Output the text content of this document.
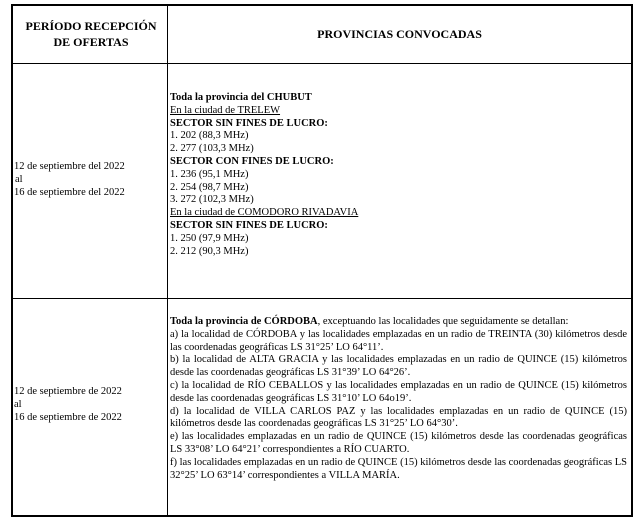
PERÍODO RECEPCIÓN DE OFERTAS
PROVINCIAS CONVOCADAS
12 de septiembre del 2022
al
16 de septiembre del 2022
Toda la provincia del CHUBUT
En la ciudad de TRELEW
SECTOR SIN FINES DE LUCRO:
1. 202 (88,3 MHz)
2. 277 (103,3 MHz)
SECTOR CON FINES DE LUCRO:
1. 236 (95,1 MHz)
2. 254 (98,7 MHz)
3. 272 (102,3 MHz)
En la ciudad de COMODORO RIVADAVIA
SECTOR SIN FINES DE LUCRO:
1. 250 (97,9 MHz)
2. 212 (90,3 MHz)
12 de septiembre de 2022
al
16 de septiembre de 2022
Toda la provincia de CÓRDOBA, exceptuando las localidades que seguidamente se detallan:
a) la localidad de CÓRDOBA y las localidades emplazadas en un radio de TREINTA (30) kilómetros desde las coordenadas geográficas LS 31°25’ LO 64°11’.
b) la localidad de ALTA GRACIA y las localidades emplazadas en un radio de QUINCE (15) kilómetros desde las coordenadas geográficas LS 31°39’ LO 64°26’.
c) la localidad de RÍO CEBALLOS y las localidades emplazadas en un radio de QUINCE (15) kilómetros desde las coordenadas geográficas LS 31°10’ LO 64o19’.
d) la localidad de VILLA CARLOS PAZ y las localidades emplazadas en un radio de QUINCE (15) kilómetros desde las coordenadas geográficas LS 31°25’ LO 64°30’.
e) las localidades emplazadas en un radio de QUINCE (15) kilómetros desde las coordenadas geográficas LS 33°08’ LO 64°21’ correspondientes a RÍO CUARTO.
f) las localidades emplazadas en un radio de QUINCE (15) kilómetros desde las coordenadas geográficas LS 32°25’ LO 63°14’ correspondientes a VILLA MARÍA.
